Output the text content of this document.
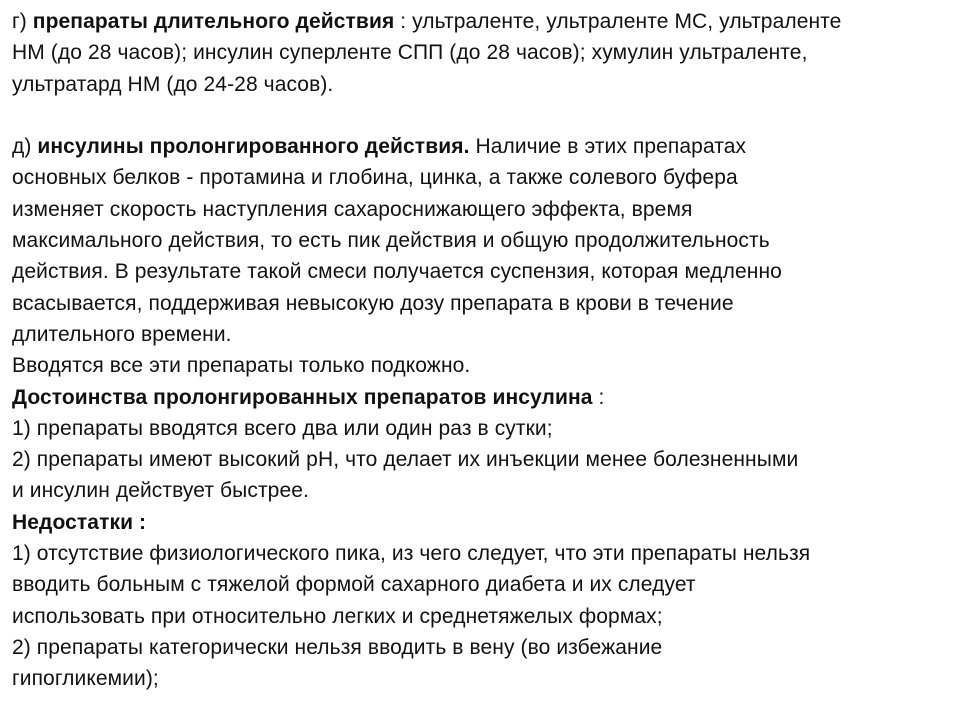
г) препараты длительного действия : ультраленте, ультраленте МС, ультраленте
НМ (до 28 часов); инсулин суперленте СПП (до 28 часов); хумулин ультраленте,
ультратард НМ (до 24-28 часов).
д) инсулины пролонгированного действия. Наличие в этих препаратах
основных белков - протамина и глобина, цинка, а также солевого буфера
изменяет скорость наступления сахароснижающего эффекта, время
максимального действия, то есть пик действия и общую продолжительность
действия. В результате такой смеси получается суспензия, которая медленно
всасывается, поддерживая невысокую дозу препарата в крови в течение
длительного времени.
Вводятся все эти препараты только подкожно.
Достоинства пролонгированных препаратов инсулина :
1) препараты вводятся всего два или один раз в сутки;
2) препараты имеют высокий рН, что делает их инъекции менее болезненными
и инсулин действует быстрее.
Недостатки :
1) отсутствие физиологического пика, из чего следует, что эти препараты нельзя
вводить больным с тяжелой формой сахарного диабета и их следует
использовать при относительно легких и среднетяжелых формах;
2) препараты категорически нельзя вводить в вену (во избежание
гипогликемии);
